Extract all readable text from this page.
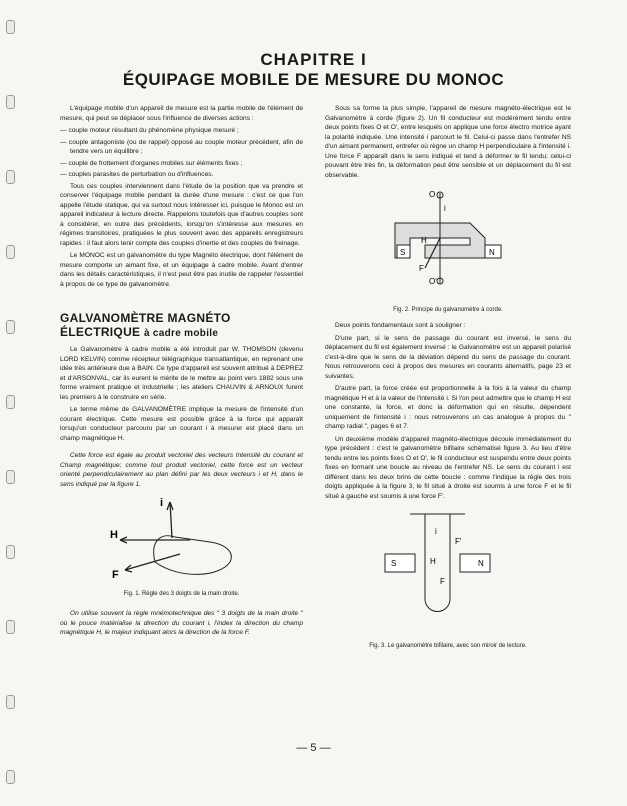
CHAPITRE I
ÉQUIPAGE MOBILE DE MESURE DU MONOC

L'équipage mobile d'un appareil de mesure est la partie mobile de l'élément de mesure, qui peut se déplacer sous l'influence de diverses actions :

— couple moteur résultant du phénomène physique mesuré ;
— couple antagoniste (ou de rappel) opposé au couple moteur précédent, afin de tendre vers un équilibre ;
— couple de frottement d'organes mobiles sur éléments fixes ;
— couples parasites de perturbation ou d'influences.

Tous ces couples interviennent dans l'étude de la position que va prendre et conserver l'équipage mobile pendant la durée d'une mesure : c'est ce que l'on appelle l'étude statique, qui va surtout nous intéresser ici, puisque le Monoc est un appareil indicateur à lecture directe. Rappelons toutefois que d'autres couples sont à considérer, en outre des précédents, lorsqu'on s'intéresse aux mesures en régimes transitoires, pratiquées le plus souvent avec des appareils enregistreurs rapides : il faut alors tenir compte des couples d'inertie et des couples de freinage.

Le MONOC est un galvanomètre du type Magnéto électrique, dont l'élément de mesure comporte un aimant fixe, et un équipage à cadre mobile. Avant d'entrer dans les détails caractéristiques, il n'est peut être pas inutile de rappeler l'essentiel à propos de ce type de galvanomètre.

GALVANOMÈTRE MAGNÉTO
ÉLECTRIQUE à cadre mobile

Le Galvanomètre à cadre mobile a été introduit par W. THOMSON (devenu LORD KELVIN) comme récepteur télégraphique transatlantique, en reprenant une idée très antérieure due à BAIN. Ce type d'appareil est souvent attribué à DEPREZ et d'ARSONVAL, car ils eurent le mérite de le mettre au point vers 1882 sous une forme vraiment pratique et industrielle ; les ateliers CHAUVIN & ARNOUX furent les premiers à le construire en série.

Le terme même de GALVANOMÈTRE implique la mesure de l'intensité d'un courant électrique. Cette mesure est possible grâce à la force qui apparaît lorsqu'un conducteur parcouru par un courant i à mesurer est placé dans un champ magnétique H.

Cette force est égale au produit vectoriel des vecteurs Intensité du courant et Champ magnétique; comme tout produit vectoriel, cette force est un vecteur orienté perpendiculairement au plan défini par les deux vecteurs i et H, dans le sens indiqué par la figure 1.

i
H
F
Fig. 1. Règle des 3 doigts de la main droite.

On utilise souvent la règle mnémotechnique des " 3 doigts de la main droite " où le pouce matérialise la direction du courant i, l'index la direction du champ magnétique H, le majeur indiquant alors la direction de la force F.

Sous sa forme la plus simple, l'appareil de mesure magnéto-électrique est le Galvanomètre à corde (figure 2). Un fil conducteur est modérément tendu entre deux points fixes O et O', entre lesquels on applique une force électro motrice ayant la polarité indiquée. Une intensité i parcourt le fil. Celui-ci passe dans l'entrefer NS d'un aimant permanent, entrefer où règne un champ H perpendiculaire à l'intensité i. Une force F apparaît dans le sens indiqué et tend à déformer le fil tendu; celui-ci pouvant être très fin, la déformation peut être sensible et un déplacement du fil est observable.

O
O'
i
H
F
N
S
Fig. 2. Principe du galvanomètre à corde.

Deux points fondamentaux sont à souligner :

D'une part, si le sens de passage du courant est inversé, le sens du déplacement du fil est également inversé : le Galvanomètre est un appareil polarisé c'est-à-dire que le sens de la déviation dépend du sens de passage du courant. Nous retrouverons ceci à propos des mesures en courants alternatifs, page 23 et suivantes.

D'autre part, la force créée est proportionnelle à la fois à la valeur du champ magnétique H et à la valeur de l'intensité i. Si l'on peut admettre que le champ H est une constante, la force, et donc la déformation qui en résulte, dépendent uniquement de l'intensité i : nous retrouverons un cas analogue à propos du " champ radial ", pages 6 et 7.

Un deuxième modèle d'appareil magnéto-électrique découle immédiatement du type précédent : c'est le galvanomètre bifilaire schématisé figure 3. Au lieu d'être tendu entre les points fixes O et O', le fil conducteur est suspendu entre deux points fixes en formant une boucle au niveau de l'entrefer NS. Le sens du courant i est différent dans les deux brins de cette boucle : comme l'indique la règle des trois doigts appliquée à la figure 3, le fil situé à droite est soumis à une force F et le fil situé à gauche est soumis à une force F'.

S	N
i
H
F'
F
Fig. 3. Le galvanomètre bifilaire, avec son miroir de lecture.
— 5 —
